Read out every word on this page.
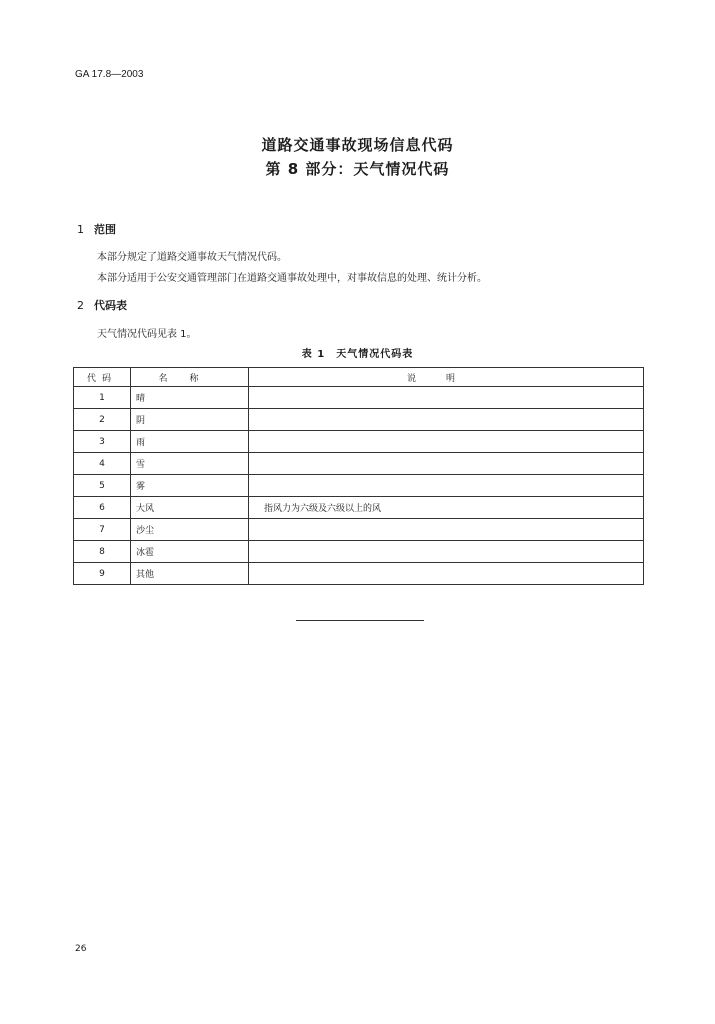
GA 17.8—2003
道路交通事故现场信息代码
第 8 部分：天气情况代码
1 范围
本部分规定了道路交通事故天气情况代码。
本部分适用于公安交通管理部门在道路交通事故处理中，对事故信息的处理、统计分析。
2 代码表
天气情况代码见表 1。
表 1　天气情况代码表
代码	名称	说明
1	晴	
2	阴	
3	雨	
4	雪	
5	雾	
6	大风	指风力为六级及六级以上的风
7	沙尘	
8	冰雹	
9	其他	
26
